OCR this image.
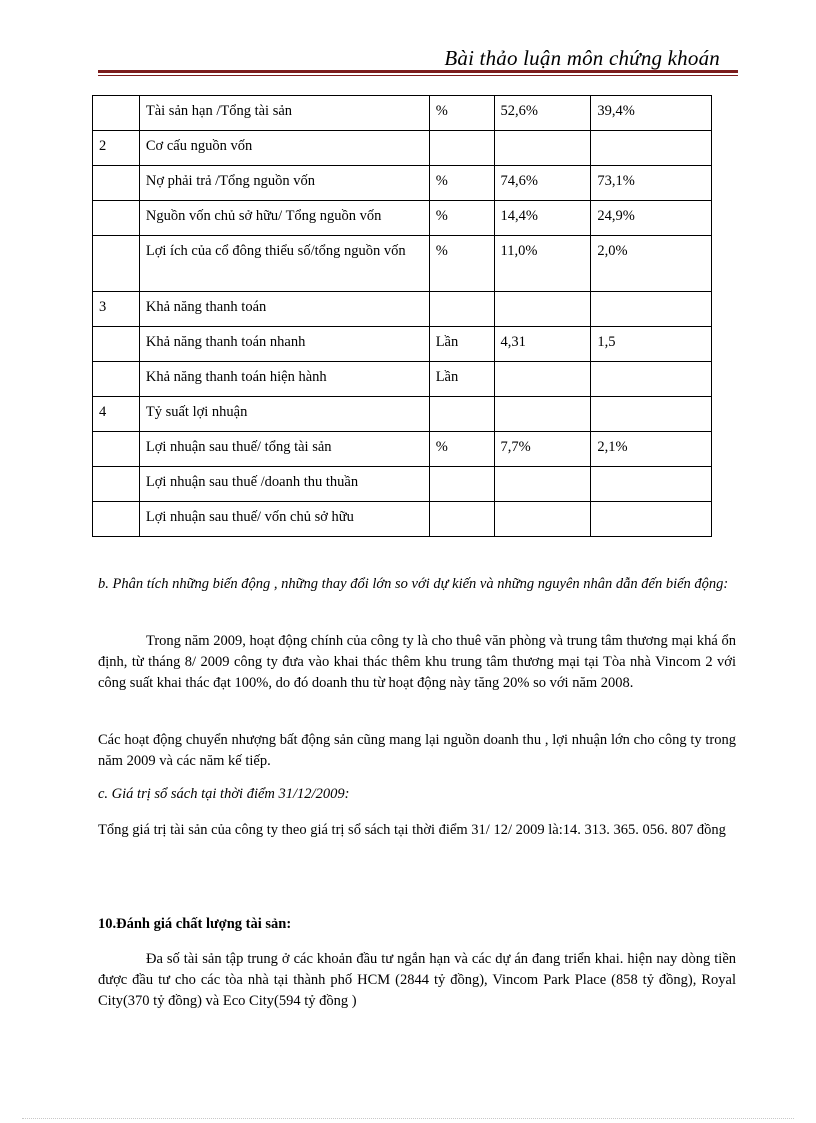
Bài thảo luận môn chứng khoán
	Tài sản hạn /Tổng tài sản	%	52,6%	39,4%
2	Cơ cấu nguồn vốn			
	Nợ phải trả /Tổng nguồn vốn	%	74,6%	73,1%
	Nguồn vốn chủ sở hữu/ Tổng nguồn vốn	%	14,4%	24,9%
	Lợi ích của cổ đông thiểu số/tổng nguồn vốn	%	11,0%	2,0%
3	Khả năng thanh toán			
	Khả năng thanh toán nhanh	Lần	4,31	1,5
	Khả năng thanh toán hiện hành	Lần		
4	Tỷ suất lợi nhuận			
	Lợi nhuận sau thuế/ tổng tài sản	%	7,7%	2,1%
	Lợi nhuận sau thuế /doanh thu thuần			
	Lợi nhuận sau thuế/ vốn chủ sở hữu			
b. Phân tích những biến động , những thay đổi lớn so với dự kiến và những nguyên nhân dẫn đến biến động:
Trong năm 2009, hoạt động chính của công ty là cho thuê văn phòng và trung tâm thương mại khá ổn định, từ tháng 8/ 2009 công ty đưa vào khai thác thêm khu trung tâm thương mại tại Tòa nhà Vincom 2 với công suất khai thác đạt 100%, do đó doanh thu từ hoạt động này tăng 20% so với năm 2008.
Các hoạt động chuyển nhượng bất động sản cũng mang lại nguồn doanh thu , lợi nhuận lớn cho công ty trong năm 2009 và các năm kế tiếp.
c. Giá trị sổ sách tại thời điểm 31/12/2009:
Tổng giá trị tài sản của công ty theo giá trị sổ sách tại thời điểm 31/ 12/ 2009 là:14. 313. 365. 056. 807 đồng
10.Đánh giá chất lượng tài sản:
Đa số tài sản tập trung ở các khoản đầu tư ngắn hạn và các dự án đang triển khai. hiện nay dòng tiền được đầu tư cho các tòa nhà tại thành phố HCM (2844 tỷ đồng), Vincom Park Place (858 tỷ đồng), Royal City(370 tỷ đồng) và Eco City(594 tỷ đồng )
